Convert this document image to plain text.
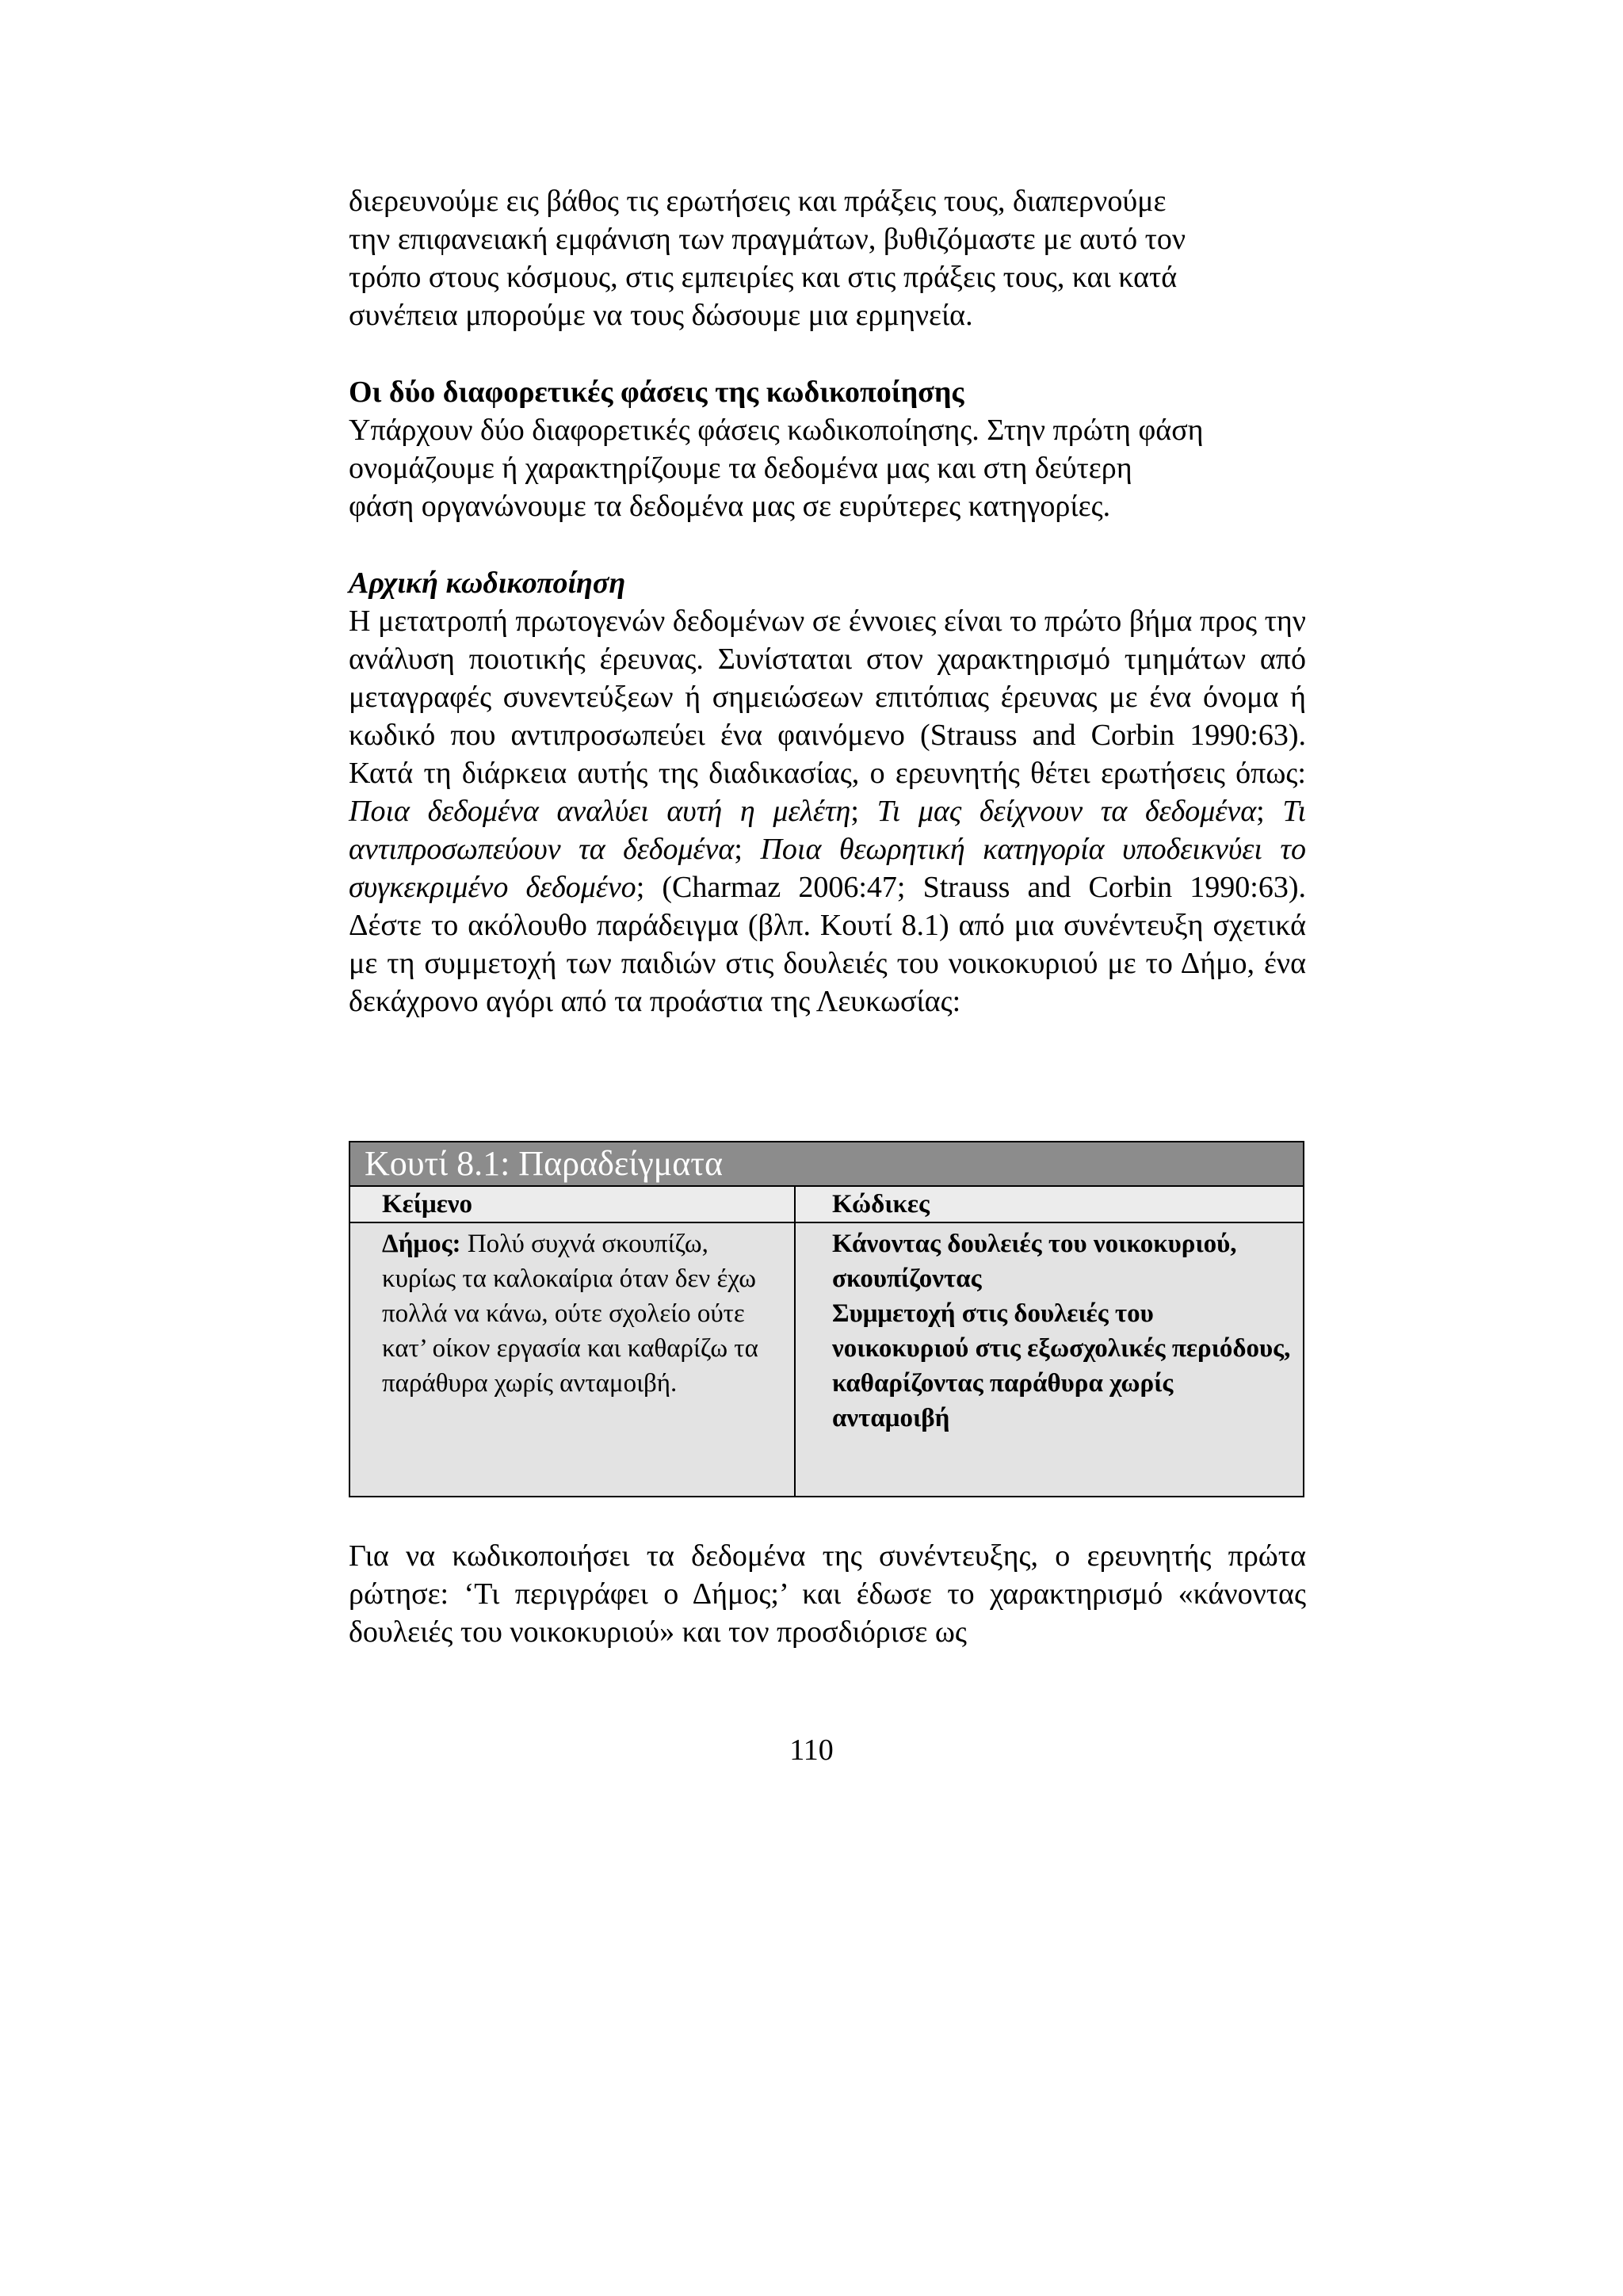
διερευνούμε εις βάθος τις ερωτήσεις και πράξεις τους, διαπερνούμε

την επιφανειακή εμφάνιση των πραγμάτων, βυθιζόμαστε με αυτό τον

τρόπο στους κόσμους, στις εμπειρίες και στις πράξεις τους, και κατά

συνέπεια μπορούμε να τους δώσουμε μια ερμηνεία.

Οι δύο διαφορετικές φάσεις της κωδικοποίησης

Υπάρχουν δύο διαφορετικές φάσεις κωδικοποίησης. Στην πρώτη φάση

ονομάζουμε ή χαρακτηρίζουμε τα δεδομένα μας και στη δεύτερη

φάση οργανώνουμε τα δεδομένα μας σε ευρύτερες κατηγορίες.

Αρχική κωδικοποίηση

Η μετατροπή πρωτογενών δεδομένων σε έννοιες είναι το πρώτο βήμα προς την ανάλυση ποιοτικής έρευνας. Συνίσταται στον χαρακτηρισμό τμημάτων από μεταγραφές συνεντεύξεων ή σημειώσεων επιτόπιας έρευνας με ένα όνομα ή κωδικό που αντιπροσωπεύει ένα φαινόμενο (Strauss and Corbin 1990:63). Κατά τη διάρκεια αυτής της διαδικασίας, ο ερευνητής θέτει ερωτήσεις όπως: Ποια δεδομένα αναλύει αυτή η μελέτη; Τι μας δείχνουν τα δεδομένα; Τι αντιπροσωπεύουν τα δεδομένα; Ποια θεωρητική κατηγορία υποδεικνύει το συγκεκριμένο δεδομένο; (Charmaz 2006:47; Strauss and Corbin 1990:63). Δέστε το ακόλουθο παράδειγμα (βλπ. Κουτί 8.1) από μια συνέντευξη σχετικά με τη συμμετοχή των παιδιών στις δουλειές του νοικοκυριού με το Δήμο, ένα δεκάχρονο αγόρι από τα προάστια της Λευκωσίας:

Κουτί 8.1: Παραδείγματα
Κείμενο	Κώδικες
Δήμος: Πολύ συχνά σκουπίζω, κυρίως τα καλοκαίρια όταν δεν έχω πολλά να κάνω, ούτε σχολείο ούτε κατ’ οίκον εργασία και καθαρίζω τα παράθυρα χωρίς ανταμοιβή.
Κάνοντας δουλειές του νοικοκυριού, σκουπίζοντας
Συμμετοχή στις δουλειές του νοικοκυριού στις εξωσχολικές περιόδους, καθαρίζοντας παράθυρα χωρίς ανταμοιβή

Για να κωδικοποιήσει τα δεδομένα της συνέντευξης, ο ερευνητής πρώτα ρώτησε: ‘Τι περιγράφει ο Δήμος;’ και έδωσε το χαρακτηρισμό «κάνοντας δουλειές του νοικοκυριού» και τον προσδιόρισε ως

110
